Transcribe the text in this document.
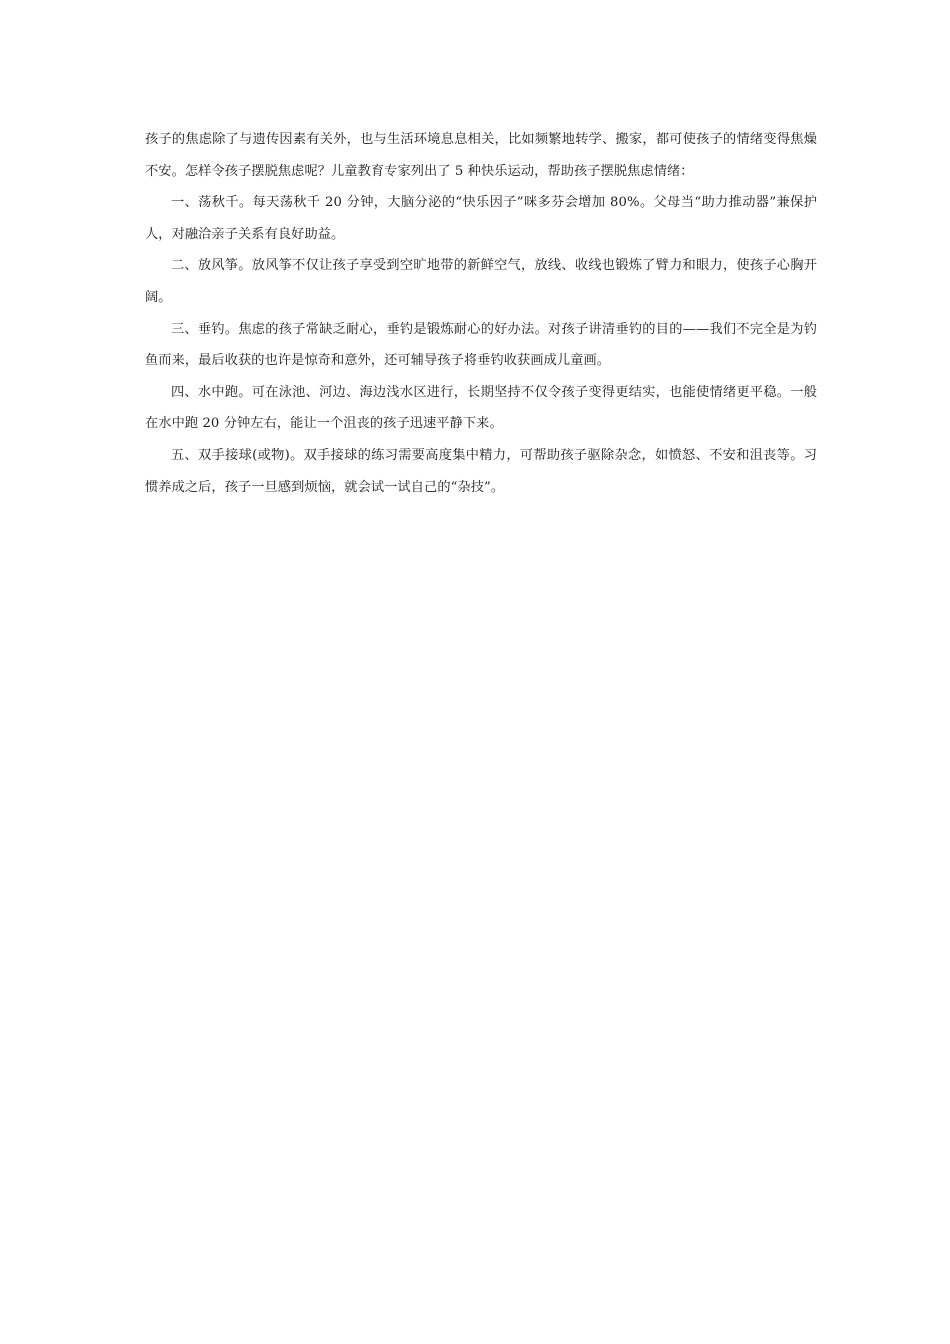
孩子的焦虑除了与遗传因素有关外，也与生活环境息息相关，比如频繁地转学、搬家，都可使孩子的情绪变得焦燥不安。怎样令孩子摆脱焦虑呢？儿童教育专家列出了 5 种快乐运动，帮助孩子摆脱焦虑情绪：

一、荡秋千。每天荡秋千 20 分钟，大脑分泌的“快乐因子”咪多芬会增加 80%。父母当“助力推动器”兼保护人，对融洽亲子关系有良好助益。

二、放风筝。放风筝不仅让孩子享受到空旷地带的新鲜空气，放线、收线也锻炼了臂力和眼力，使孩子心胸开阔。

三、垂钓。焦虑的孩子常缺乏耐心，垂钓是锻炼耐心的好办法。对孩子讲清垂钓的目的——我们不完全是为钓鱼而来，最后收获的也许是惊奇和意外，还可辅导孩子将垂钓收获画成儿童画。

四、水中跑。可在泳池、河边、海边浅水区进行，长期坚持不仅令孩子变得更结实，也能使情绪更平稳。一般在水中跑 20 分钟左右，能让一个沮丧的孩子迅速平静下来。

五、双手接球(或物)。双手接球的练习需要高度集中精力，可帮助孩子驱除杂念，如愤怒、不安和沮丧等。习惯养成之后，孩子一旦感到烦恼，就会试一试自己的“杂技”。
